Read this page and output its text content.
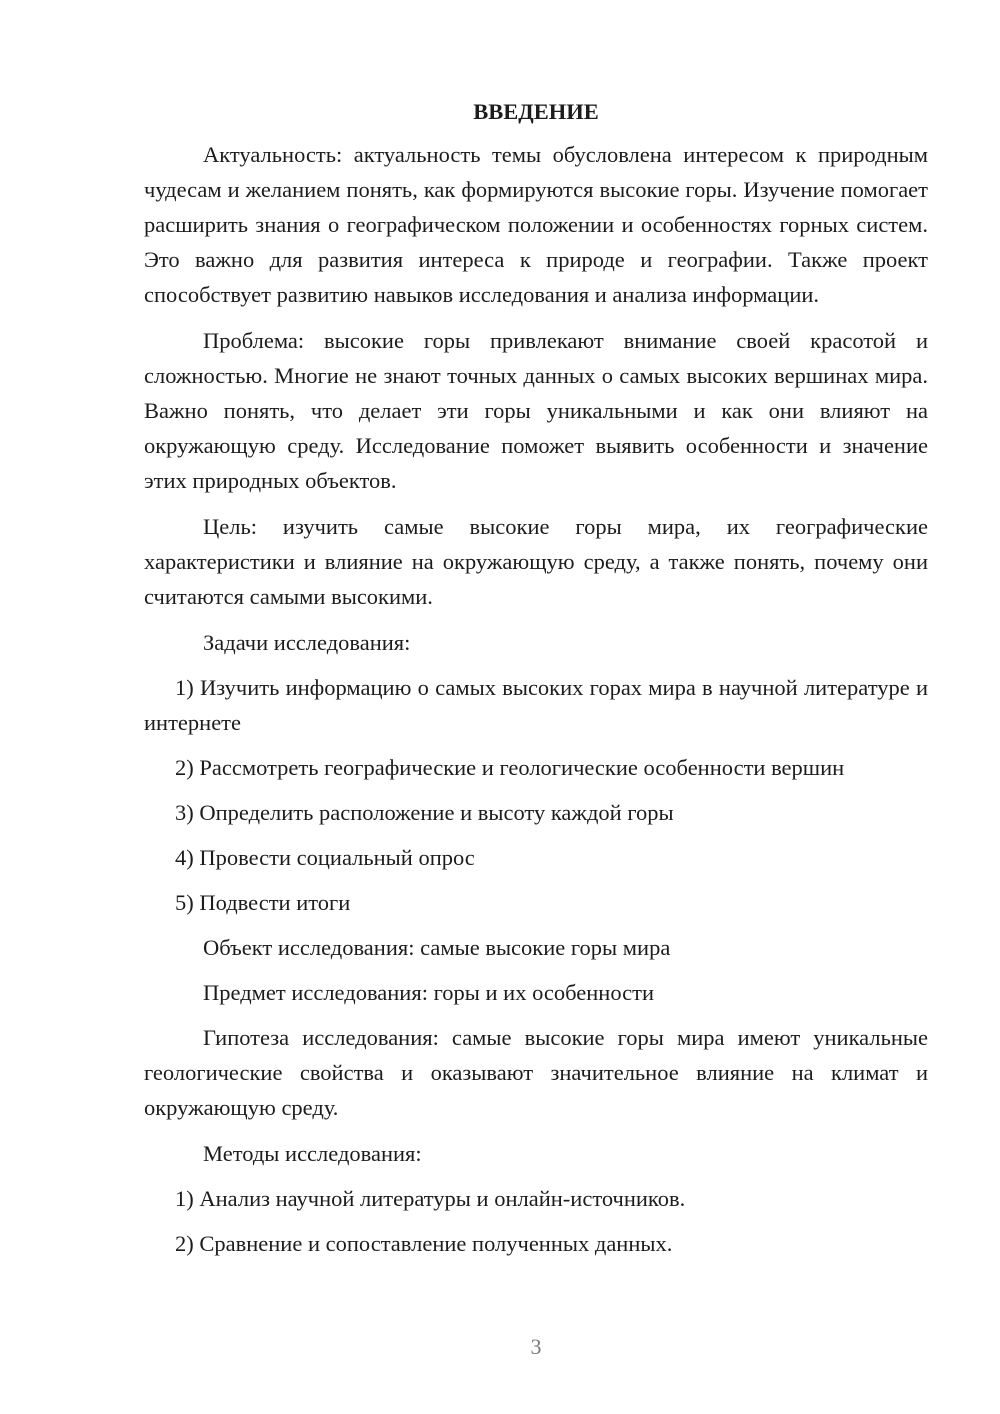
ВВЕДЕНИЕ

Актуальность: актуальность темы обусловлена интересом к природным чудесам и желанием понять, как формируются высокие горы. Изучение помогает расширить знания о географическом положении и особенностях горных систем. Это важно для развития интереса к природе и географии. Также проект способствует развитию навыков исследования и анализа информации.

Проблема: высокие горы привлекают внимание своей красотой и сложностью. Многие не знают точных данных о самых высоких вершинах мира. Важно понять, что делает эти горы уникальными и как они влияют на окружающую среду. Исследование поможет выявить особенности и значение этих природных объектов.

Цель: изучить самые высокие горы мира, их географические характеристики и влияние на окружающую среду, а также понять, почему они считаются самыми высокими.

Задачи исследования:

1) Изучить информацию о самых высоких горах мира в научной литературе и интернете

2) Рассмотреть географические и геологические особенности вершин

3) Определить расположение и высоту каждой горы

4) Провести социальный опрос

5) Подвести итоги

Объект исследования: самые высокие горы мира

Предмет исследования: горы и их особенности

Гипотеза исследования: самые высокие горы мира имеют уникальные геологические свойства и оказывают значительное влияние на климат и окружающую среду.

Методы исследования:

1) Анализ научной литературы и онлайн-источников.

2) Сравнение и сопоставление полученных данных.

3
